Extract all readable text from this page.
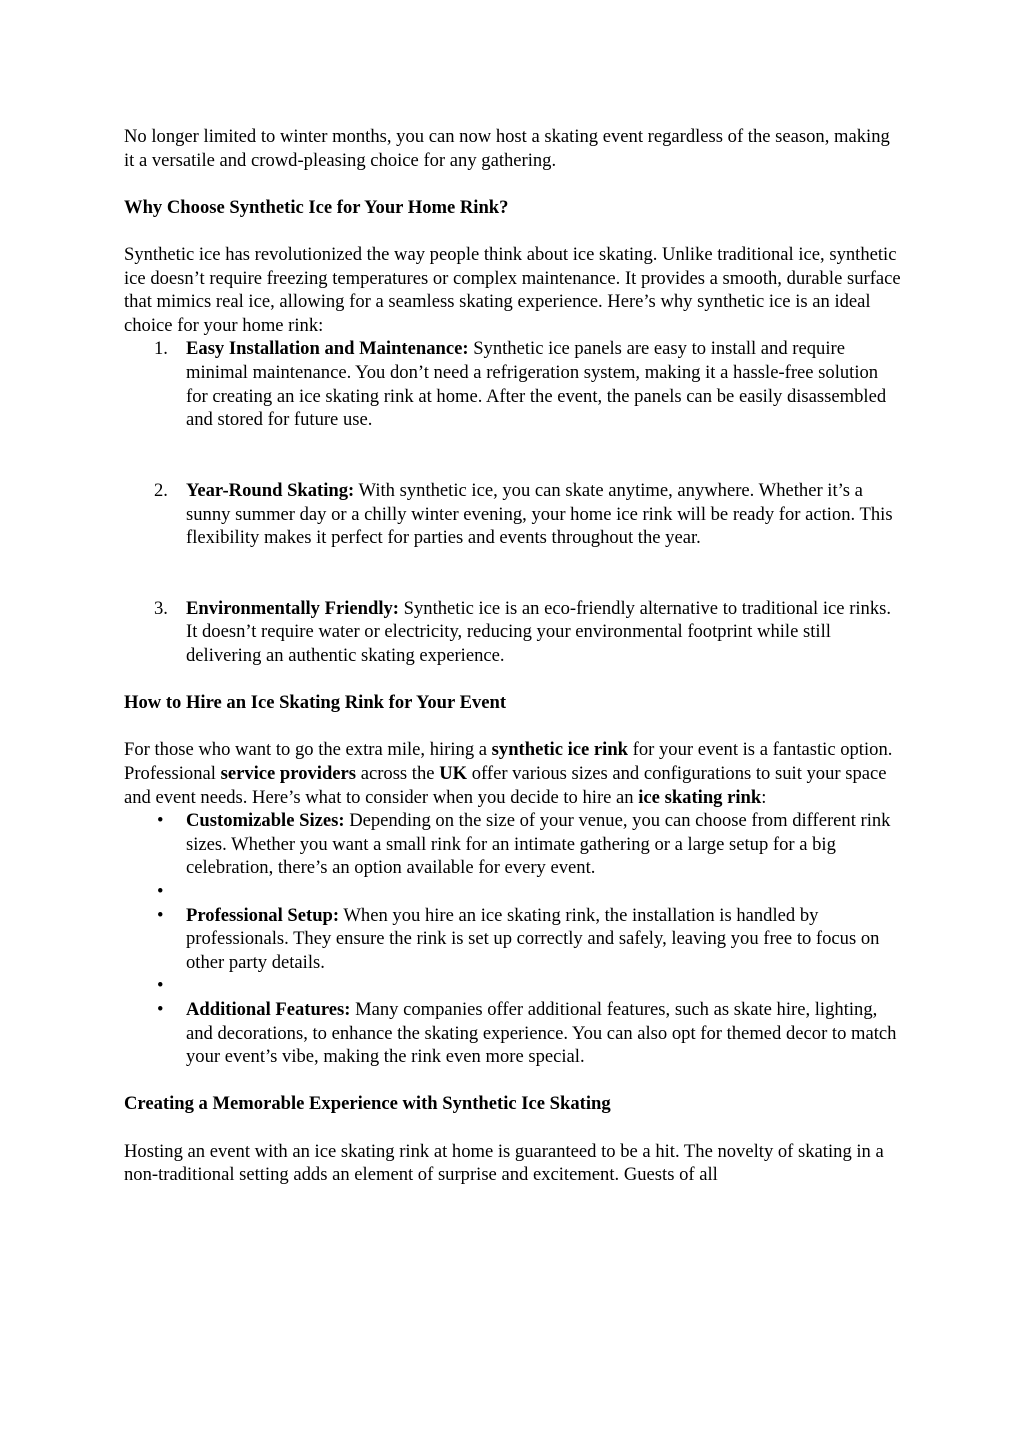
No longer limited to winter months, you can now host a skating event regardless of the season, making it a versatile and crowd-pleasing choice for any gathering.

Why Choose Synthetic Ice for Your Home Rink?

Synthetic ice has revolutionized the way people think about ice skating. Unlike traditional ice, synthetic ice doesn’t require freezing temperatures or complex maintenance. It provides a smooth, durable surface that mimics real ice, allowing for a seamless skating experience. Here’s why synthetic ice is an ideal choice for your home rink:

1. Easy Installation and Maintenance: Synthetic ice panels are easy to install and require minimal maintenance. You don’t need a refrigeration system, making it a hassle-free solution for creating an ice skating rink at home. After the event, the panels can be easily disassembled and stored for future use.
2. Year-Round Skating: With synthetic ice, you can skate anytime, anywhere. Whether it’s a sunny summer day or a chilly winter evening, your home ice rink will be ready for action. This flexibility makes it perfect for parties and events throughout the year.
3. Environmentally Friendly: Synthetic ice is an eco-friendly alternative to traditional ice rinks. It doesn’t require water or electricity, reducing your environmental footprint while still delivering an authentic skating experience.

How to Hire an Ice Skating Rink for Your Event

For those who want to go the extra mile, hiring a synthetic ice rink for your event is a fantastic option. Professional service providers across the UK offer various sizes and configurations to suit your space and event needs. Here’s what to consider when you decide to hire an ice skating rink:

• Customizable Sizes: Depending on the size of your venue, you can choose from different rink sizes. Whether you want a small rink for an intimate gathering or a large setup for a big celebration, there’s an option available for every event.
•
• Professional Setup: When you hire an ice skating rink, the installation is handled by professionals. They ensure the rink is set up correctly and safely, leaving you free to focus on other party details.
•
• Additional Features: Many companies offer additional features, such as skate hire, lighting, and decorations, to enhance the skating experience. You can also opt for themed decor to match your event’s vibe, making the rink even more special.

Creating a Memorable Experience with Synthetic Ice Skating

Hosting an event with an ice skating rink at home is guaranteed to be a hit. The novelty of skating in a non-traditional setting adds an element of surprise and excitement. Guests of all
